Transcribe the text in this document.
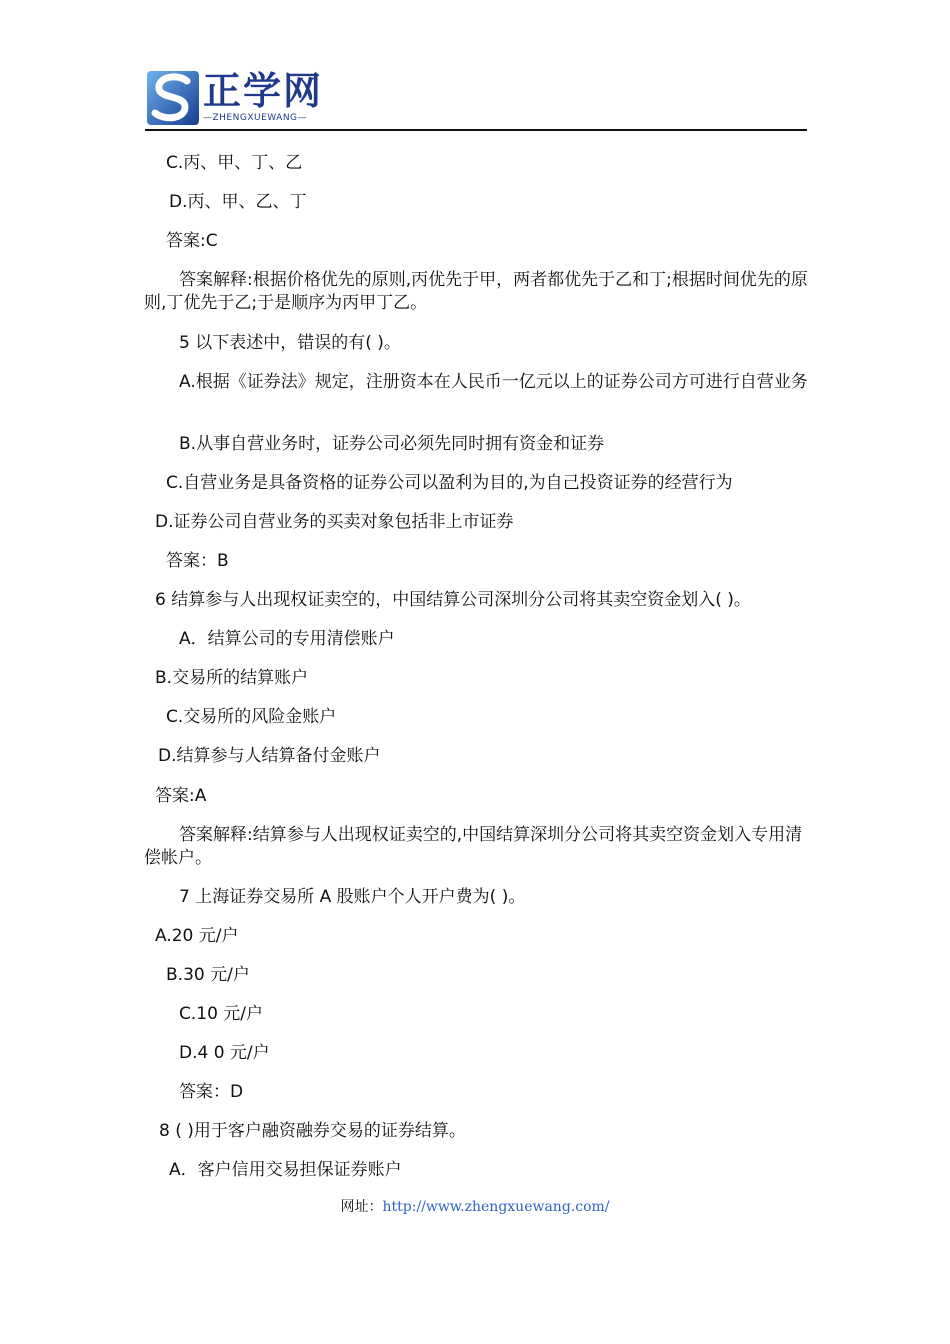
正学网
—ZHENGXUEWANG—
C.丙、甲、丁、乙
D.丙、甲、乙、丁
答案:C
答案解释:根据价格优先的原则,丙优先于甲，两者都优先于乙和丁;根据时间优先的原则,丁优先于乙;于是顺序为丙甲丁乙。
5 以下表述中，错误的有( )。
A.根据《证券法》规定，注册资本在人民币一亿元以上的证券公司方可进行自营业务
B.从事自营业务时，证券公司必须先同时拥有资金和证券
C.自营业务是具备资格的证券公司以盈利为目的,为自己投资证券的经营行为
D.证券公司自营业务的买卖对象包括非上市证券
答案：B
6 结算参与人出现权证卖空的，中国结算公司深圳分公司将其卖空资金划入( )。
A．结算公司的专用清偿账户
B.交易所的结算账户
C.交易所的风险金账户
D.结算参与人结算备付金账户
答案:A
答案解释:结算参与人出现权证卖空的,中国结算深圳分公司将其卖空资金划入专用清偿帐户。
7 上海证券交易所 A 股账户个人开户费为( )。
A.20 元/户
B.30 元/户
C.10 元/户
D.4 0 元/户
答案：D
8 ( )用于客户融资融券交易的证券结算。
A．客户信用交易担保证券账户
网址：http://www.zhengxuewang.com/
